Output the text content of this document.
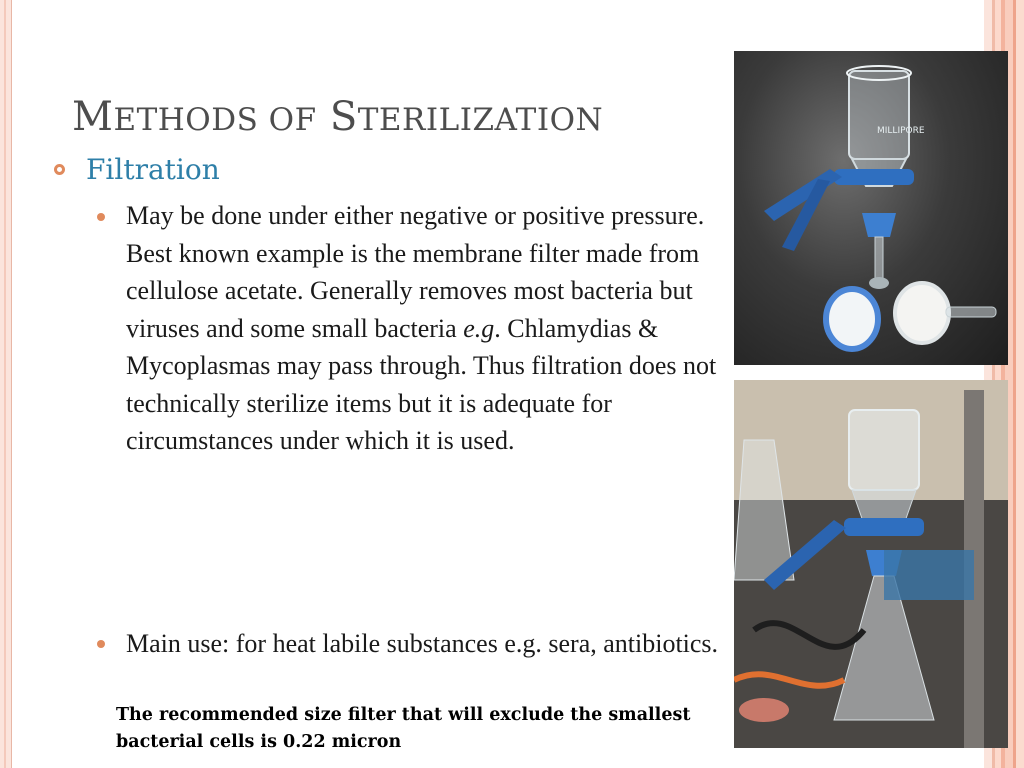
METHODS OF STERILIZATION
Filtration
May be done under either negative or positive pressure. Best known example is the membrane filter made from cellulose acetate. Generally removes most bacteria but viruses and some small bacteria e.g. Chlamydias & Mycoplasmas may pass through. Thus filtration does not technically sterilize items but it is adequate for circumstances under which it is used.
Main use: for heat labile substances e.g. sera, antibiotics.
The recommended size filter that will exclude the smallest bacterial cells is 0.22 micron
MILLIPORE
